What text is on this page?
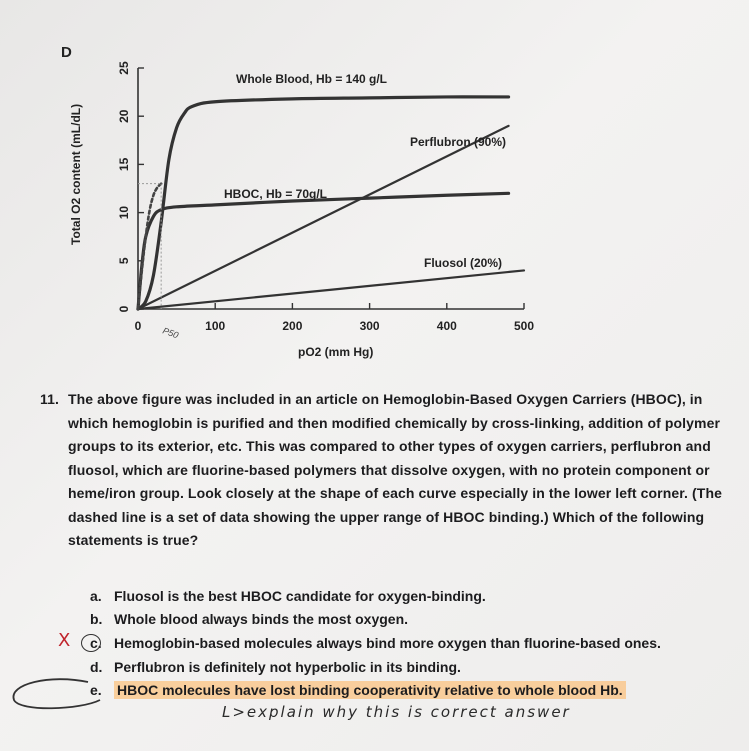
D
Total O2 content (mL/dL)
pO2 (mm Hg)
0	100	200	300	400	500
0
5
10
15
20
25
Whole Blood, Hb = 140 g/L
Perflubron (90%)
HBOC, Hb = 70g/L
Fluosol (20%)
P50
11. The above figure was included in an article on Hemoglobin-Based Oxygen Carriers (HBOC), in which hemoglobin is purified and then modified chemically by cross-linking, addition of polymer groups to its exterior, etc. This was compared to other types of oxygen carriers, perflubron and fluosol, which are fluorine-based polymers that dissolve oxygen, with no protein component or heme/iron group. Look closely at the shape of each curve especially in the lower left corner. (The dashed line is a set of data showing the upper range of HBOC binding.) Which of the following statements is true?
a. Fluosol is the best HBOC candidate for oxygen-binding.
b. Whole blood always binds the most oxygen.
c. Hemoglobin-based molecules always bind more oxygen than fluorine-based ones.
d. Perflubron is definitely not hyperbolic in its binding.
e. HBOC molecules have lost binding cooperativity relative to whole blood Hb.
X
L>explain why this is correct answer
